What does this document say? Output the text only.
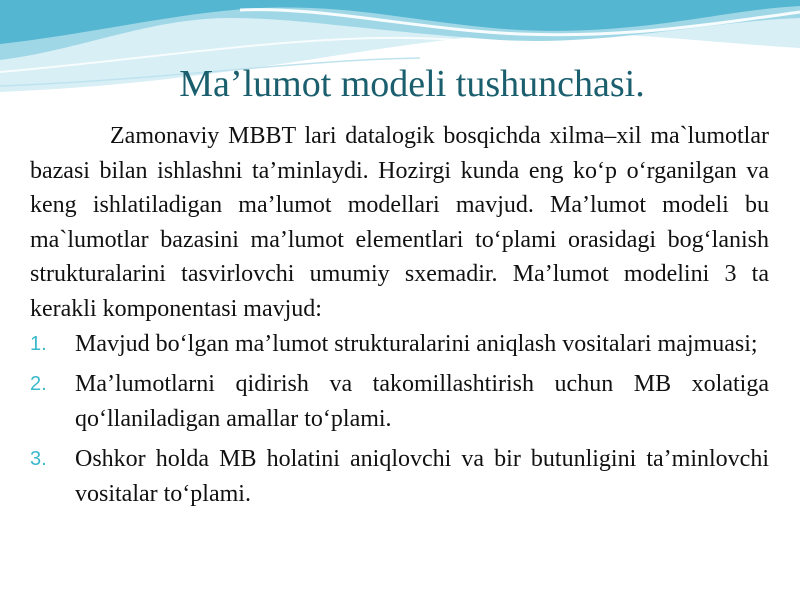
Ma’lumot modeli tushunchasi.

Zamonaviy MBBT lari datalogik bosqichda xilma–xil ma`lumotlar bazasi bilan ishlashni ta’minlaydi. Hozirgi kunda eng ko‘p o‘rganilgan va keng ishlatiladigan ma’lumot modellari mavjud. Ma’lumot modeli bu ma`lumotlar bazasini ma’lumot elementlari to‘plami orasidagi bog‘lanish strukturalarini tasvirlovchi umumiy sxemadir. Ma’lumot modelini 3 ta kerakli komponentasi mavjud:

1. Mavjud bo‘lgan ma’lumot strukturalarini aniqlash vositalari majmuasi;
2. Ma’lumotlarni qidirish va takomillashtirish uchun MB xolatiga qo‘llaniladigan amallar to‘plami.
3. Oshkor holda MB holatini aniqlovchi va bir butunligini ta’minlovchi vositalar to‘plami.
